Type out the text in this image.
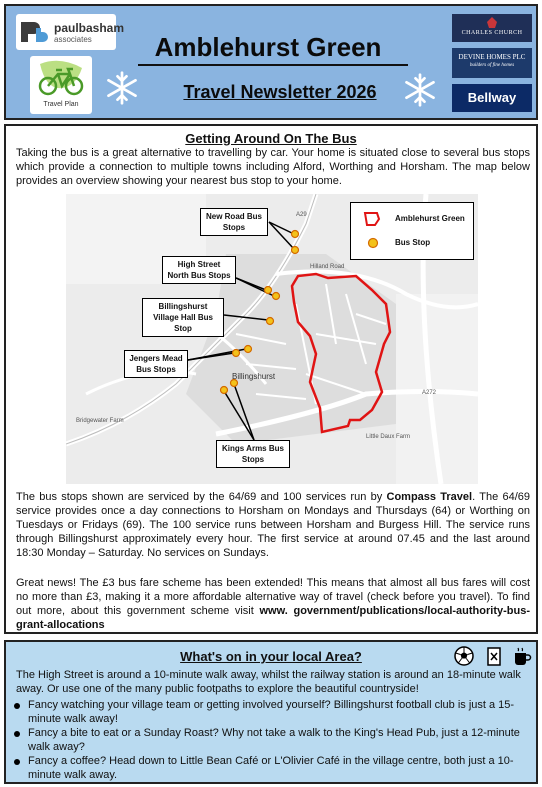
paulbasham
associates
Travel Plan
Amblehurst Green
Travel Newsletter 2026
CHARLES CHURCH
DEVINE HOMES PLC
builders of fine homes
Bellway
Getting Around On The Bus
Taking the bus is a great alternative to travelling by car. Your home is situated close to several bus stops which provide a connection to multiple towns including Alford, Worthing and Horsham. The map below provides an overview showing your nearest bus stop to your home.
Billingshurst
Hilland Road
A29
A272
Bridgewater Farm
Little Daux Farm
New Road Bus Stops
High Street North Bus Stops
Billingshurst Village Hall Bus Stop
Jengers Mead Bus Stops
Kings Arms Bus Stops
Amblehurst Green
Bus Stop
The bus stops shown are serviced by the 64/69 and 100 services run by Compass Travel. The 64/69 service provides once a day connections to Horsham on Mondays and Thursdays (64) or Worthing on Tuesdays or Fridays (69). The 100 service runs between Horsham and Burgess Hill. The service runs through Billingshurst approximately every hour. The first service at around 07.45 and the last around 18:30 Monday – Saturday. No services on Sundays.
Great news! The £3 bus fare scheme has been extended! This means that almost all bus fares will cost no more than £3, making it a more affordable alternative way of travel (check before you travel). To find out more, about this government scheme visit www. government/publications/local-authority-bus-grant-allocations
What's on in your local Area?
The High Street is around a 10-minute walk away, whilst the railway station is around an 18-minute walk away. Or use one of the many public footpaths to explore the beautiful countryside!
Fancy watching your village team or getting involved yourself? Billingshurst football club is just a 15-minute walk away!
Fancy a bite to eat or a Sunday Roast? Why not take a walk to the King's Head Pub, just a 12-minute walk away?
Fancy a coffee? Head down to Little Bean Café or L'Olivier Café in the village centre, both just a 10-minute walk away.
